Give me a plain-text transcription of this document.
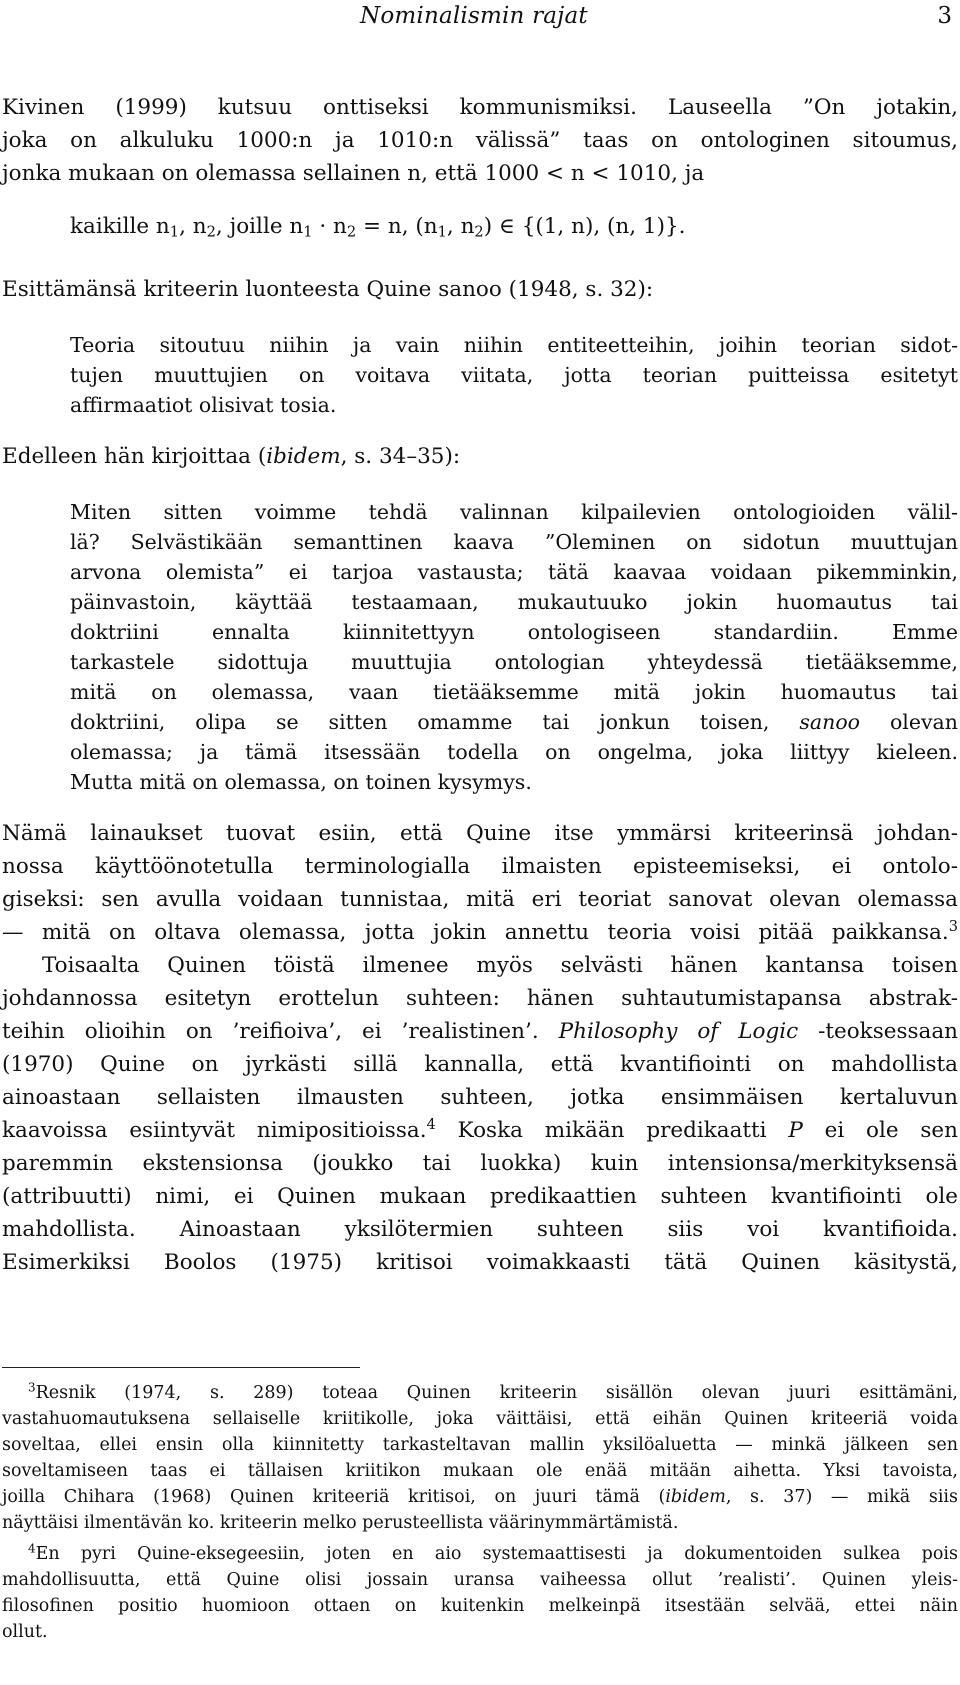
Nominalismin rajat	3
Kivinen (1999) kutsuu onttiseksi kommunismiksi. Lauseella ”On jotakin,
joka on alkuluku 1000:n ja 1010:n välissä” taas on ontologinen sitoumus,
jonka mukaan on olemassa sellainen n, että 1000 < n < 1010, ja
kaikille $n_1$, $n_2$, joille $n_1 \cdot n_2 = n$, ($n_1$, $n_2$) ∈ {(1, n), (n, 1)}.
Esittämänsä kriteerin luonteesta Quine sanoo (1948, s. 32):
Teoria sitoutuu niihin ja vain niihin entiteetteihin, joihin teorian sidot-
tujen muuttujien on voitava viitata, jotta teorian puitteissa esitetyt
affirmaatiot olisivat tosia.
Edelleen hän kirjoittaa (ibidem, s. 34–35):
Miten sitten voimme tehdä valinnan kilpailevien ontologioiden välil-
lä? Selvästikään semanttinen kaava ”Oleminen on sidotun muuttujan
arvona olemista” ei tarjoa vastausta; tätä kaavaa voidaan pikemminkin,
päinvastoin, käyttää testaamaan, mukautuuko jokin huomautus tai
doktriini ennalta kiinnitettyyn ontologiseen standardiin. Emme
tarkastele sidottuja muuttujia ontologian yhteydessä tietääksemme,
mitä on olemassa, vaan tietääksemme mitä jokin huomautus tai
doktriini, olipa se sitten omamme tai jonkun toisen, sanoo olevan
olemassa; ja tämä itsessään todella on ongelma, joka liittyy kieleen.
Mutta mitä on olemassa, on toinen kysymys.
Nämä lainaukset tuovat esiin, että Quine itse ymmärsi kriteerinsä johdan-
nossa käyttöönotetulla terminologialla ilmaisten episteemiseksi, ei ontolo-
giseksi: sen avulla voidaan tunnistaa, mitä eri teoriat sanovat olevan olemassa
— mitä on oltava olemassa, jotta jokin annettu teoria voisi pitää paikkansa.$^3$
Toisaalta Quinen töistä ilmenee myös selvästi hänen kantansa toisen
johdannossa esitetyn erottelun suhteen: hänen suhtautumistapansa abstrak-
teihin olioihin on ’reifioiva’, ei ’realistinen’. Philosophy of Logic -teoksessaan
(1970) Quine on jyrkästi sillä kannalla, että kvantifiointi on mahdollista
ainoastaan sellaisten ilmausten suhteen, jotka ensimmäisen kertaluvun
kaavoissa esiintyvät nimipositioissa.$^4$ Koska mikään predikaatti P ei ole sen
paremmin ekstensionsa (joukko tai luokka) kuin intensionsa/merkityksensä
(attribuutti) nimi, ei Quinen mukaan predikaattien suhteen kvantifiointi ole
mahdollista. Ainoastaan yksilötermien suhteen siis voi kvantifioida.
Esimerkiksi Boolos (1975) kritisoi voimakkaasti tätä Quinen käsitystä,
$^3$Resnik (1974, s. 289) toteaa Quinen kriteerin sisällön olevan juuri esittämäni,
vastahuomautuksena sellaiselle kriitikolle, joka väittäisi, että eihän Quinen kriteeriä voida
soveltaa, ellei ensin olla kiinnitetty tarkasteltavan mallin yksilöaluetta — minkä jälkeen sen
soveltamiseen taas ei tällaisen kriitikon mukaan ole enää mitään aihetta. Yksi tavoista,
joilla Chihara (1968) Quinen kriteeriä kritisoi, on juuri tämä (ibidem, s. 37) — mikä siis
näyttäisi ilmentävän ko. kriteerin melko perusteellista väärinymmärtämistä.
$^4$En pyri Quine-eksegeesiin, joten en aio systemaattisesti ja dokumentoiden sulkea pois
mahdollisuutta, että Quine olisi jossain uransa vaiheessa ollut ’realisti’. Quinen yleis-
filosofinen positio huomioon ottaen on kuitenkin melkeinpä itsestään selvää, ettei näin
ollut.
